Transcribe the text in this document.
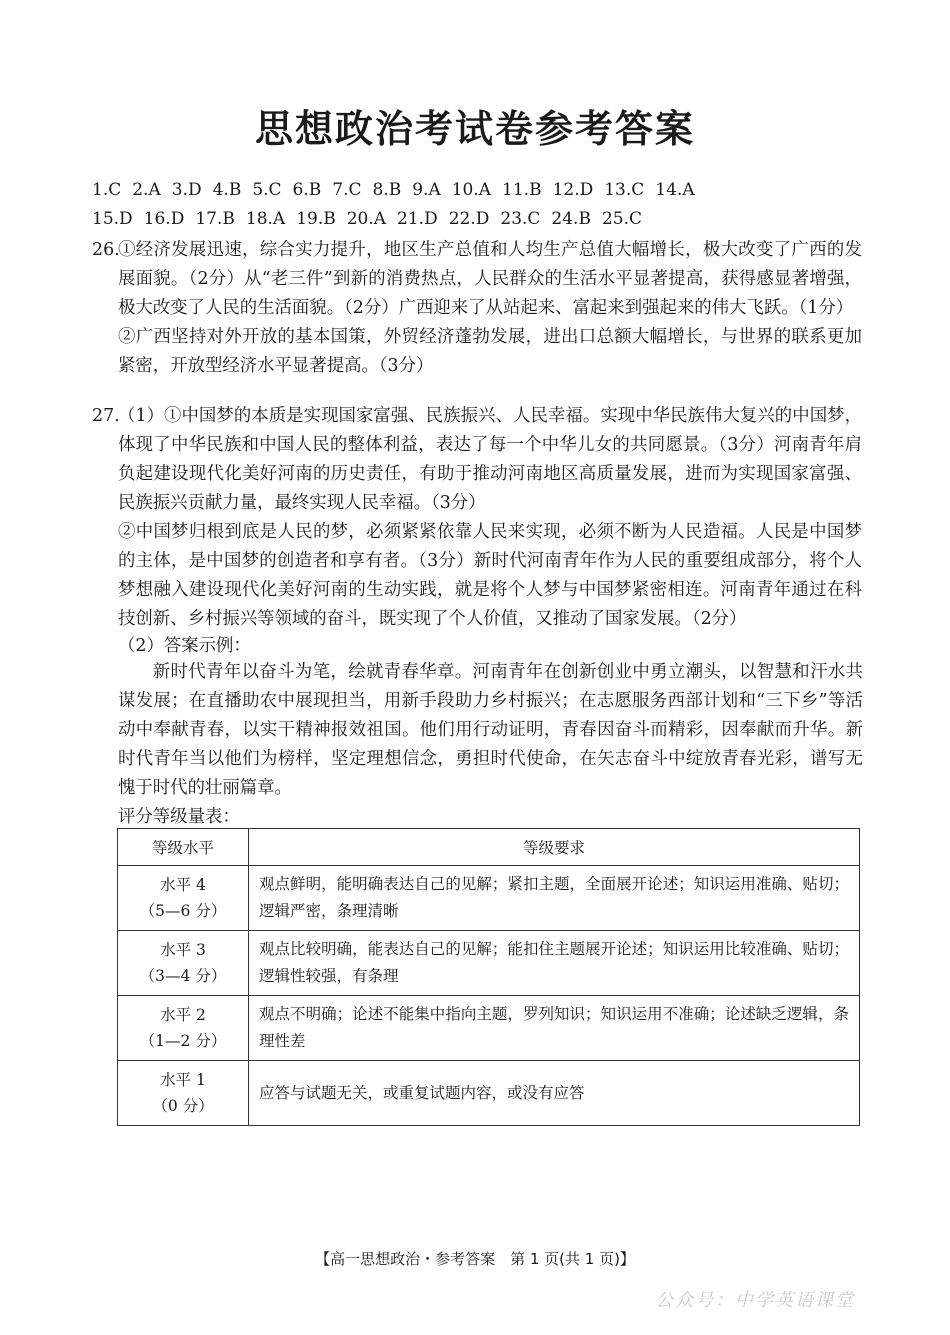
思想政治考试卷参考答案
1.C 2.A 3.D 4.B 5.C 6.B 7.C 8.B 9.A 10.A 11.B 12.D 13.C 14.A
15.D 16.D 17.B 18.A 19.B 20.A 21.D 22.D 23.C 24.B 25.C
26.

①经济发展迅速，综合实力提升，地区生产总值和人均生产总值大幅增长，极大改变了广西的发展面貌。（2分）从“老三件”到新的消费热点，人民群众的生活水平显著提高，获得感显著增强，极大改变了人民的生活面貌。（2分）广西迎来了从站起来、富起来到强起来的伟大飞跃。（1分）

②广西坚持对外开放的基本国策，外贸经济蓬勃发展，进出口总额大幅增长，与世界的联系更加紧密，开放型经济水平显著提高。（3分）

27.

（1）①中国梦的本质是实现国家富强、民族振兴、人民幸福。实现中华民族伟大复兴的中国梦，体现了中华民族和中国人民的整体利益，表达了每一个中华儿女的共同愿景。（3分）河南青年肩负起建设现代化美好河南的历史责任，有助于推动河南地区高质量发展，进而为实现国家富强、民族振兴贡献力量，最终实现人民幸福。（3分）

②中国梦归根到底是人民的梦，必须紧紧依靠人民来实现，必须不断为人民造福。人民是中国梦的主体，是中国梦的创造者和享有者。（3分）新时代河南青年作为人民的重要组成部分，将个人梦想融入建设现代化美好河南的生动实践，就是将个人梦与中国梦紧密相连。河南青年通过在科技创新、乡村振兴等领域的奋斗，既实现了个人价值，又推动了国家发展。（2分）

（2）答案示例：

新时代青年以奋斗为笔，绘就青春华章。河南青年在创新创业中勇立潮头，以智慧和汗水共谋发展；在直播助农中展现担当，用新手段助力乡村振兴；在志愿服务西部计划和“三下乡”等活动中奉献青春，以实干精神报效祖国。他们用行动证明，青春因奋斗而精彩，因奉献而升华。新时代青年当以他们为榜样，坚定理想信念，勇担时代使命，在矢志奋斗中绽放青春光彩，谱写无愧于时代的壮丽篇章。

评分等级量表：
等级水平	等级要求

水平 4
（5—6 分）	观点鲜明，能明确表达自己的见解；紧扣主题，全面展开论述；知识运用准确、贴切；逻辑严密，条理清晰

水平 3
（3—4 分）	观点比较明确，能表达自己的见解；能扣住主题展开论述；知识运用比较准确、贴切；逻辑性较强，有条理

水平 2
（1—2 分）	观点不明确；论述不能集中指向主题，罗列知识；知识运用不准确；论述缺乏逻辑，条理性差

水平 1
（0 分）	应答与试题无关，或重复试题内容，或没有应答
【高一思想政治・参考答案　第 1 页(共 1 页)】
公众号：中学英语课堂
